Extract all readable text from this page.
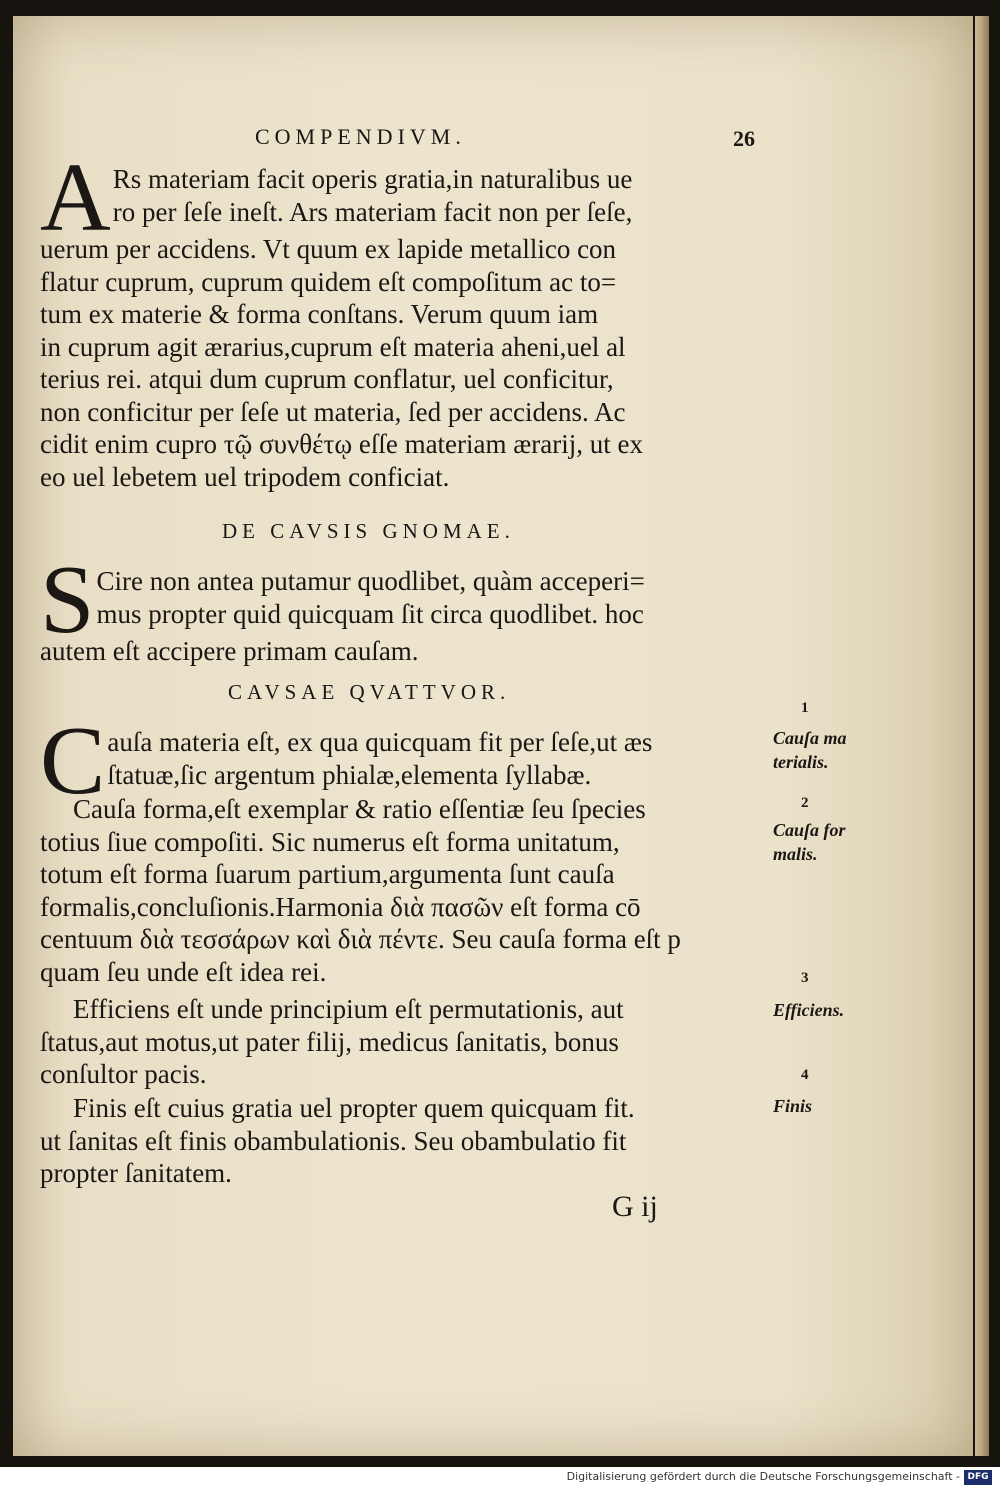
COMPENDIVM.	26
A Rs materiam facit operis gratia,in naturalibus ue
ro per ſeſe ineſt. Ars materiam facit non per ſeſe,
uerum per accidens. Vt quum ex lapide metallico con
flatur cuprum, cuprum quidem eſt compoſitum ac to=
tum ex materie & forma conſtans. Verum quum iam
in cuprum agit ærarius,cuprum eſt materia aheni,uel al
terius rei. atqui dum cuprum conflatur, uel conficitur,
non conficitur per ſeſe ut materia, ſed per accidens. Ac
cidit enim cupro τῷ συνθέτῳ eſſe materiam ærarij, ut ex
eo uel lebetem uel tripodem conficiat.
DE CAVSIS GNOMAE.
S Cire non antea putamur quodlibet, quàm acceperi=
mus propter quid quicquam ſit circa quodlibet. hoc
autem eſt accipere primam cauſam.
CAVSAE QVATTVOR.
C auſa materia eſt, ex qua quicquam fit per ſeſe,ut æs
ſtatuæ,ſic argentum phialæ,elementa ſyllabæ.
Cauſa forma,eſt exemplar & ratio eſſentiæ ſeu ſpecies
totius ſiue compoſiti. Sic numerus eſt forma unitatum,
totum eſt forma ſuarum partium,argumenta ſunt cauſa
formalis,concluſionis.Harmonia διὰ πασῶν eſt forma cō
centuum διὰ τεσσάρων καὶ διὰ πέντε. Seu cauſa forma eſt p
quam ſeu unde eſt idea rei.
Efficiens eſt unde principium eſt permutationis, aut
ſtatus,aut motus,ut pater filij, medicus ſanitatis, bonus
conſultor pacis.
Finis eſt cuius gratia uel propter quem quicquam fit.
ut ſanitas eſt finis obambulationis. Seu obambulatio fit
propter ſanitatem.
1
Cauſa ma
terialis.
2
Cauſa for
malis.
3
Efficiens.
4
Finis
G ij
Digitalisierung gefördert durch die Deutsche Forschungsgemeinschaft - DFG
